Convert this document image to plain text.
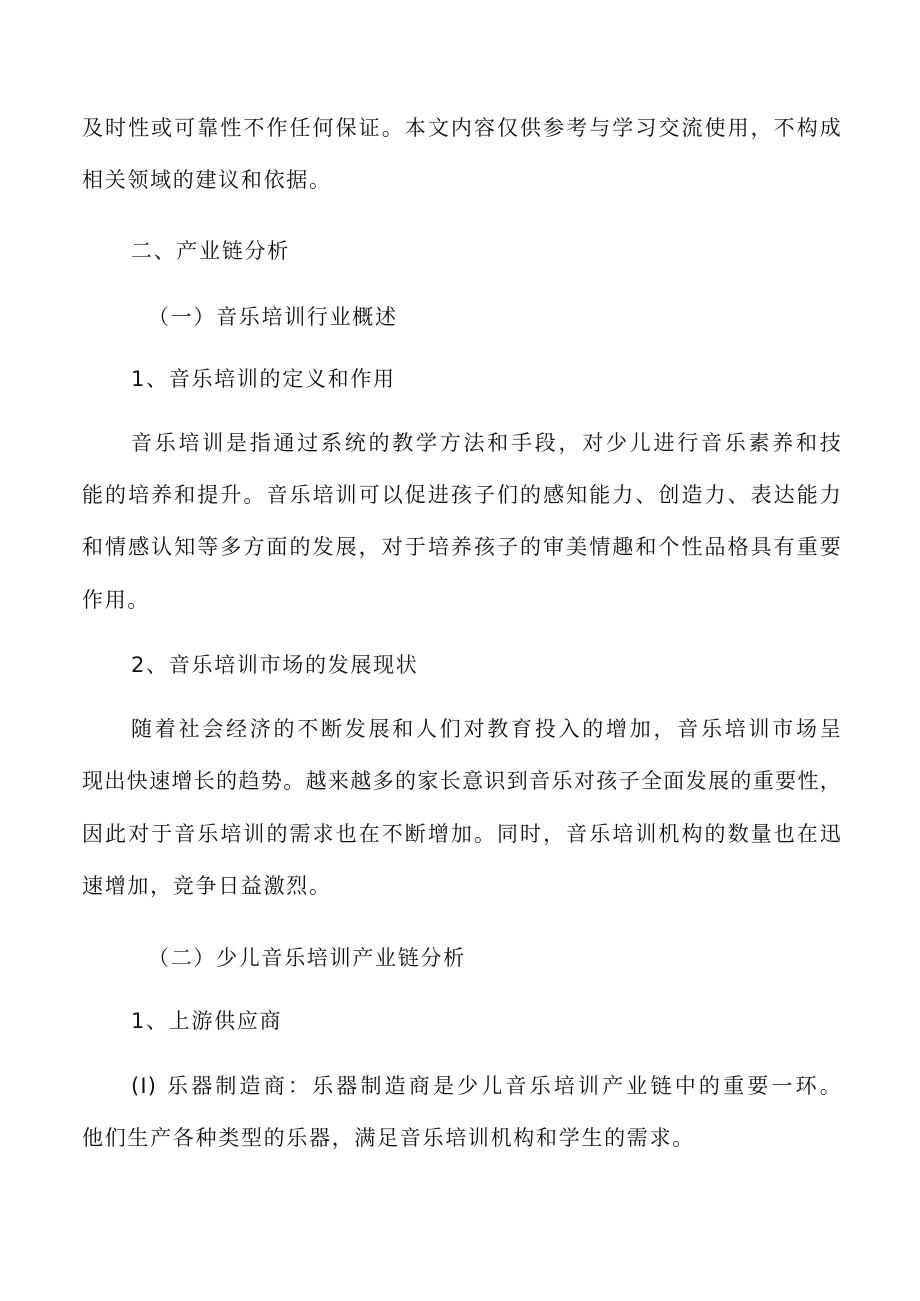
及时性或可靠性不作任何保证。本文内容仅供参考与学习交流使用，不构成
相关领域的建议和依据。
二、产业链分析
（一）音乐培训行业概述
1、音乐培训的定义和作用
音乐培训是指通过系统的教学方法和手段，对少儿进行音乐素养和技
能的培养和提升。音乐培训可以促进孩子们的感知能力、创造力、表达能力
和情感认知等多方面的发展，对于培养孩子的审美情趣和个性品格具有重要
作用。
2、音乐培训市场的发展现状
随着社会经济的不断发展和人们对教育投入的增加，音乐培训市场呈
现出快速增长的趋势。越来越多的家长意识到音乐对孩子全面发展的重要性，
因此对于音乐培训的需求也在不断增加。同时，音乐培训机构的数量也在迅
速增加，竞争日益激烈。
（二）少儿音乐培训产业链分析
1、上游供应商
(I) 乐器制造商：乐器制造商是少儿音乐培训产业链中的重要一环。
他们生产各种类型的乐器，满足音乐培训机构和学生的需求。
